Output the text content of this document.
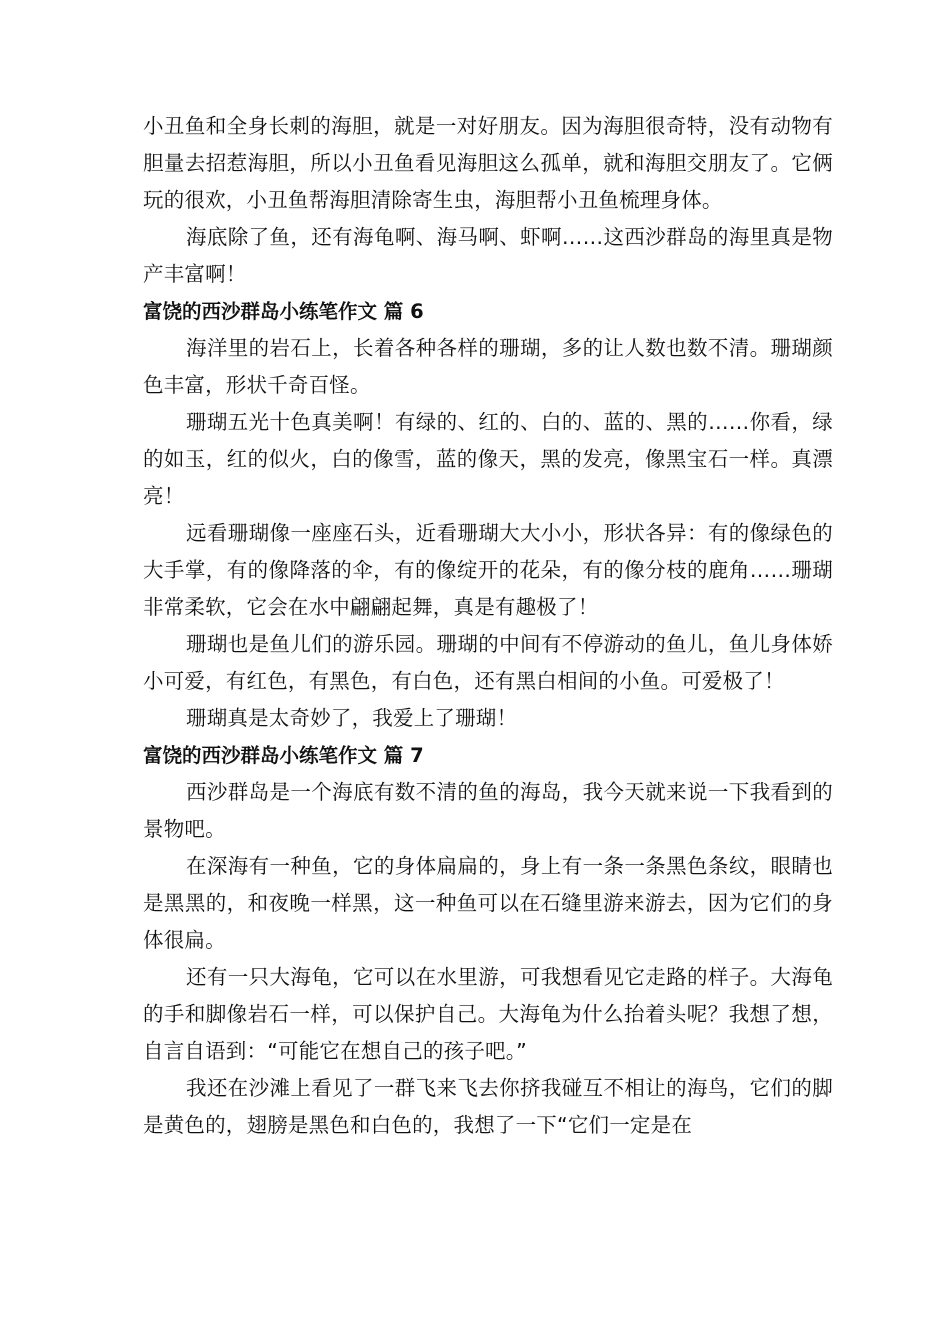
小丑鱼和全身长刺的海胆，就是一对好朋友。因为海胆很奇特，没有动物有胆量去招惹海胆，所以小丑鱼看见海胆这么孤单，就和海胆交朋友了。它俩玩的很欢，小丑鱼帮海胆清除寄生虫，海胆帮小丑鱼梳理身体。

海底除了鱼，还有海龟啊、海马啊、虾啊……这西沙群岛的海里真是物产丰富啊！

富饶的西沙群岛小练笔作文 篇 6

海洋里的岩石上，长着各种各样的珊瑚，多的让人数也数不清。珊瑚颜色丰富，形状千奇百怪。

珊瑚五光十色真美啊！有绿的、红的、白的、蓝的、黑的……你看，绿的如玉，红的似火，白的像雪，蓝的像天，黑的发亮，像黑宝石一样。真漂亮！

远看珊瑚像一座座石头，近看珊瑚大大小小，形状各异：有的像绿色的大手掌，有的像降落的伞，有的像绽开的花朵，有的像分枝的鹿角……珊瑚非常柔软，它会在水中翩翩起舞，真是有趣极了！

珊瑚也是鱼儿们的游乐园。珊瑚的中间有不停游动的鱼儿，鱼儿身体娇小可爱，有红色，有黑色，有白色，还有黑白相间的小鱼。可爱极了！

珊瑚真是太奇妙了，我爱上了珊瑚！

富饶的西沙群岛小练笔作文 篇 7

西沙群岛是一个海底有数不清的鱼的海岛，我今天就来说一下我看到的景物吧。

在深海有一种鱼，它的身体扁扁的，身上有一条一条黑色条纹，眼睛也是黑黑的，和夜晚一样黑，这一种鱼可以在石缝里游来游去，因为它们的身体很扁。

还有一只大海龟，它可以在水里游，可我想看见它走路的样子。大海龟的手和脚像岩石一样，可以保护自己。大海龟为什么抬着头呢？我想了想，自言自语到：“可能它在想自己的孩子吧。”

我还在沙滩上看见了一群飞来飞去你挤我碰互不相让的海鸟，它们的脚是黄色的，翅膀是黑色和白色的，我想了一下“它们一定是在
